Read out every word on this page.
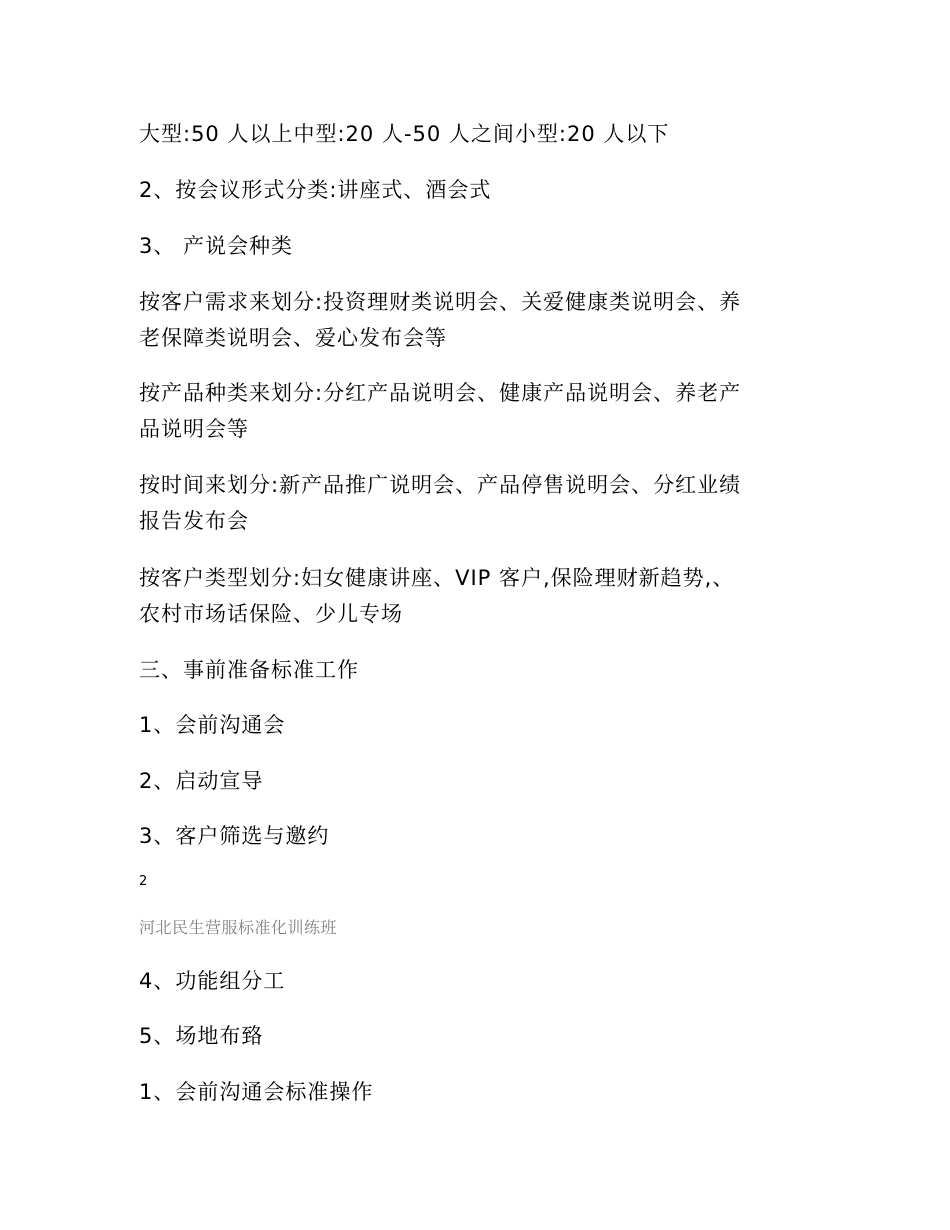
大型:50 人以上中型:20 人-50 人之间小型:20 人以下
2、按会议形式分类:讲座式、酒会式
3、 产说会种类
按客户需求来划分:投资理财类说明会、关爱健康类说明会、养
老保障类说明会、爱心发布会等
按产品种类来划分:分红产品说明会、健康产品说明会、养老产
品说明会等
按时间来划分:新产品推广说明会、产品停售说明会、分红业绩
报告发布会
按客户类型划分:妇女健康讲座、VIP 客户,保险理财新趋势,、
农村市场话保险、少儿专场
三、事前准备标准工作
1、会前沟通会
2、启动宣导
3、客户筛选与邀约
2
河北民生营服标准化训练班
4、功能组分工
5、场地布臵
1、会前沟通会标准操作
